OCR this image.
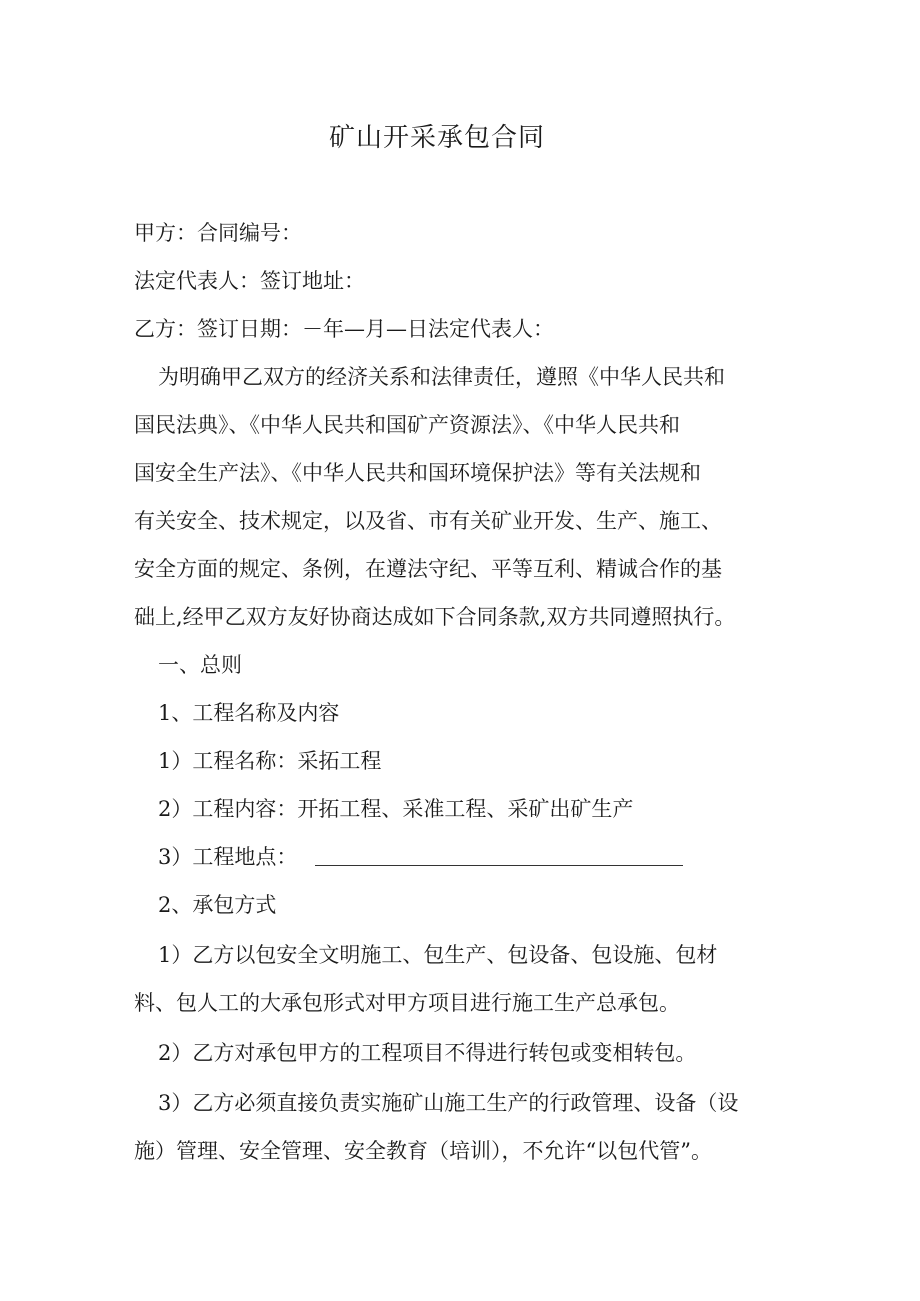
矿山开采承包合同

甲方：合同编号：

法定代表人：签订地址：

乙方：签订日期：－年—月—日法定代表人：

为明确甲乙双方的经济关系和法律责任，遵照《中华人民共和

国民法典》、《中华人民共和国矿产资源法》、《中华人民共和

国安全生产法》、《中华人民共和国环境保护法》等有关法规和

有关安全、技术规定，以及省、市有关矿业开发、生产、施工、

安全方面的规定、条例，在遵法守纪、平等互利、精诚合作的基

础上,经甲乙双方友好协商达成如下合同条款,双方共同遵照执行。

一、总则

1、工程名称及内容

1）工程名称：采拓工程

2）工程内容：开拓工程、采准工程、采矿出矿生产

3）工程地点：

2、承包方式

1）乙方以包安全文明施工、包生产、包设备、包设施、包材

料、包人工的大承包形式对甲方项目进行施工生产总承包。

2）乙方对承包甲方的工程项目不得进行转包或变相转包。

3）乙方必须直接负责实施矿山施工生产的行政管理、设备（设

施）管理、安全管理、安全教育（培训），不允许“以包代管”。
